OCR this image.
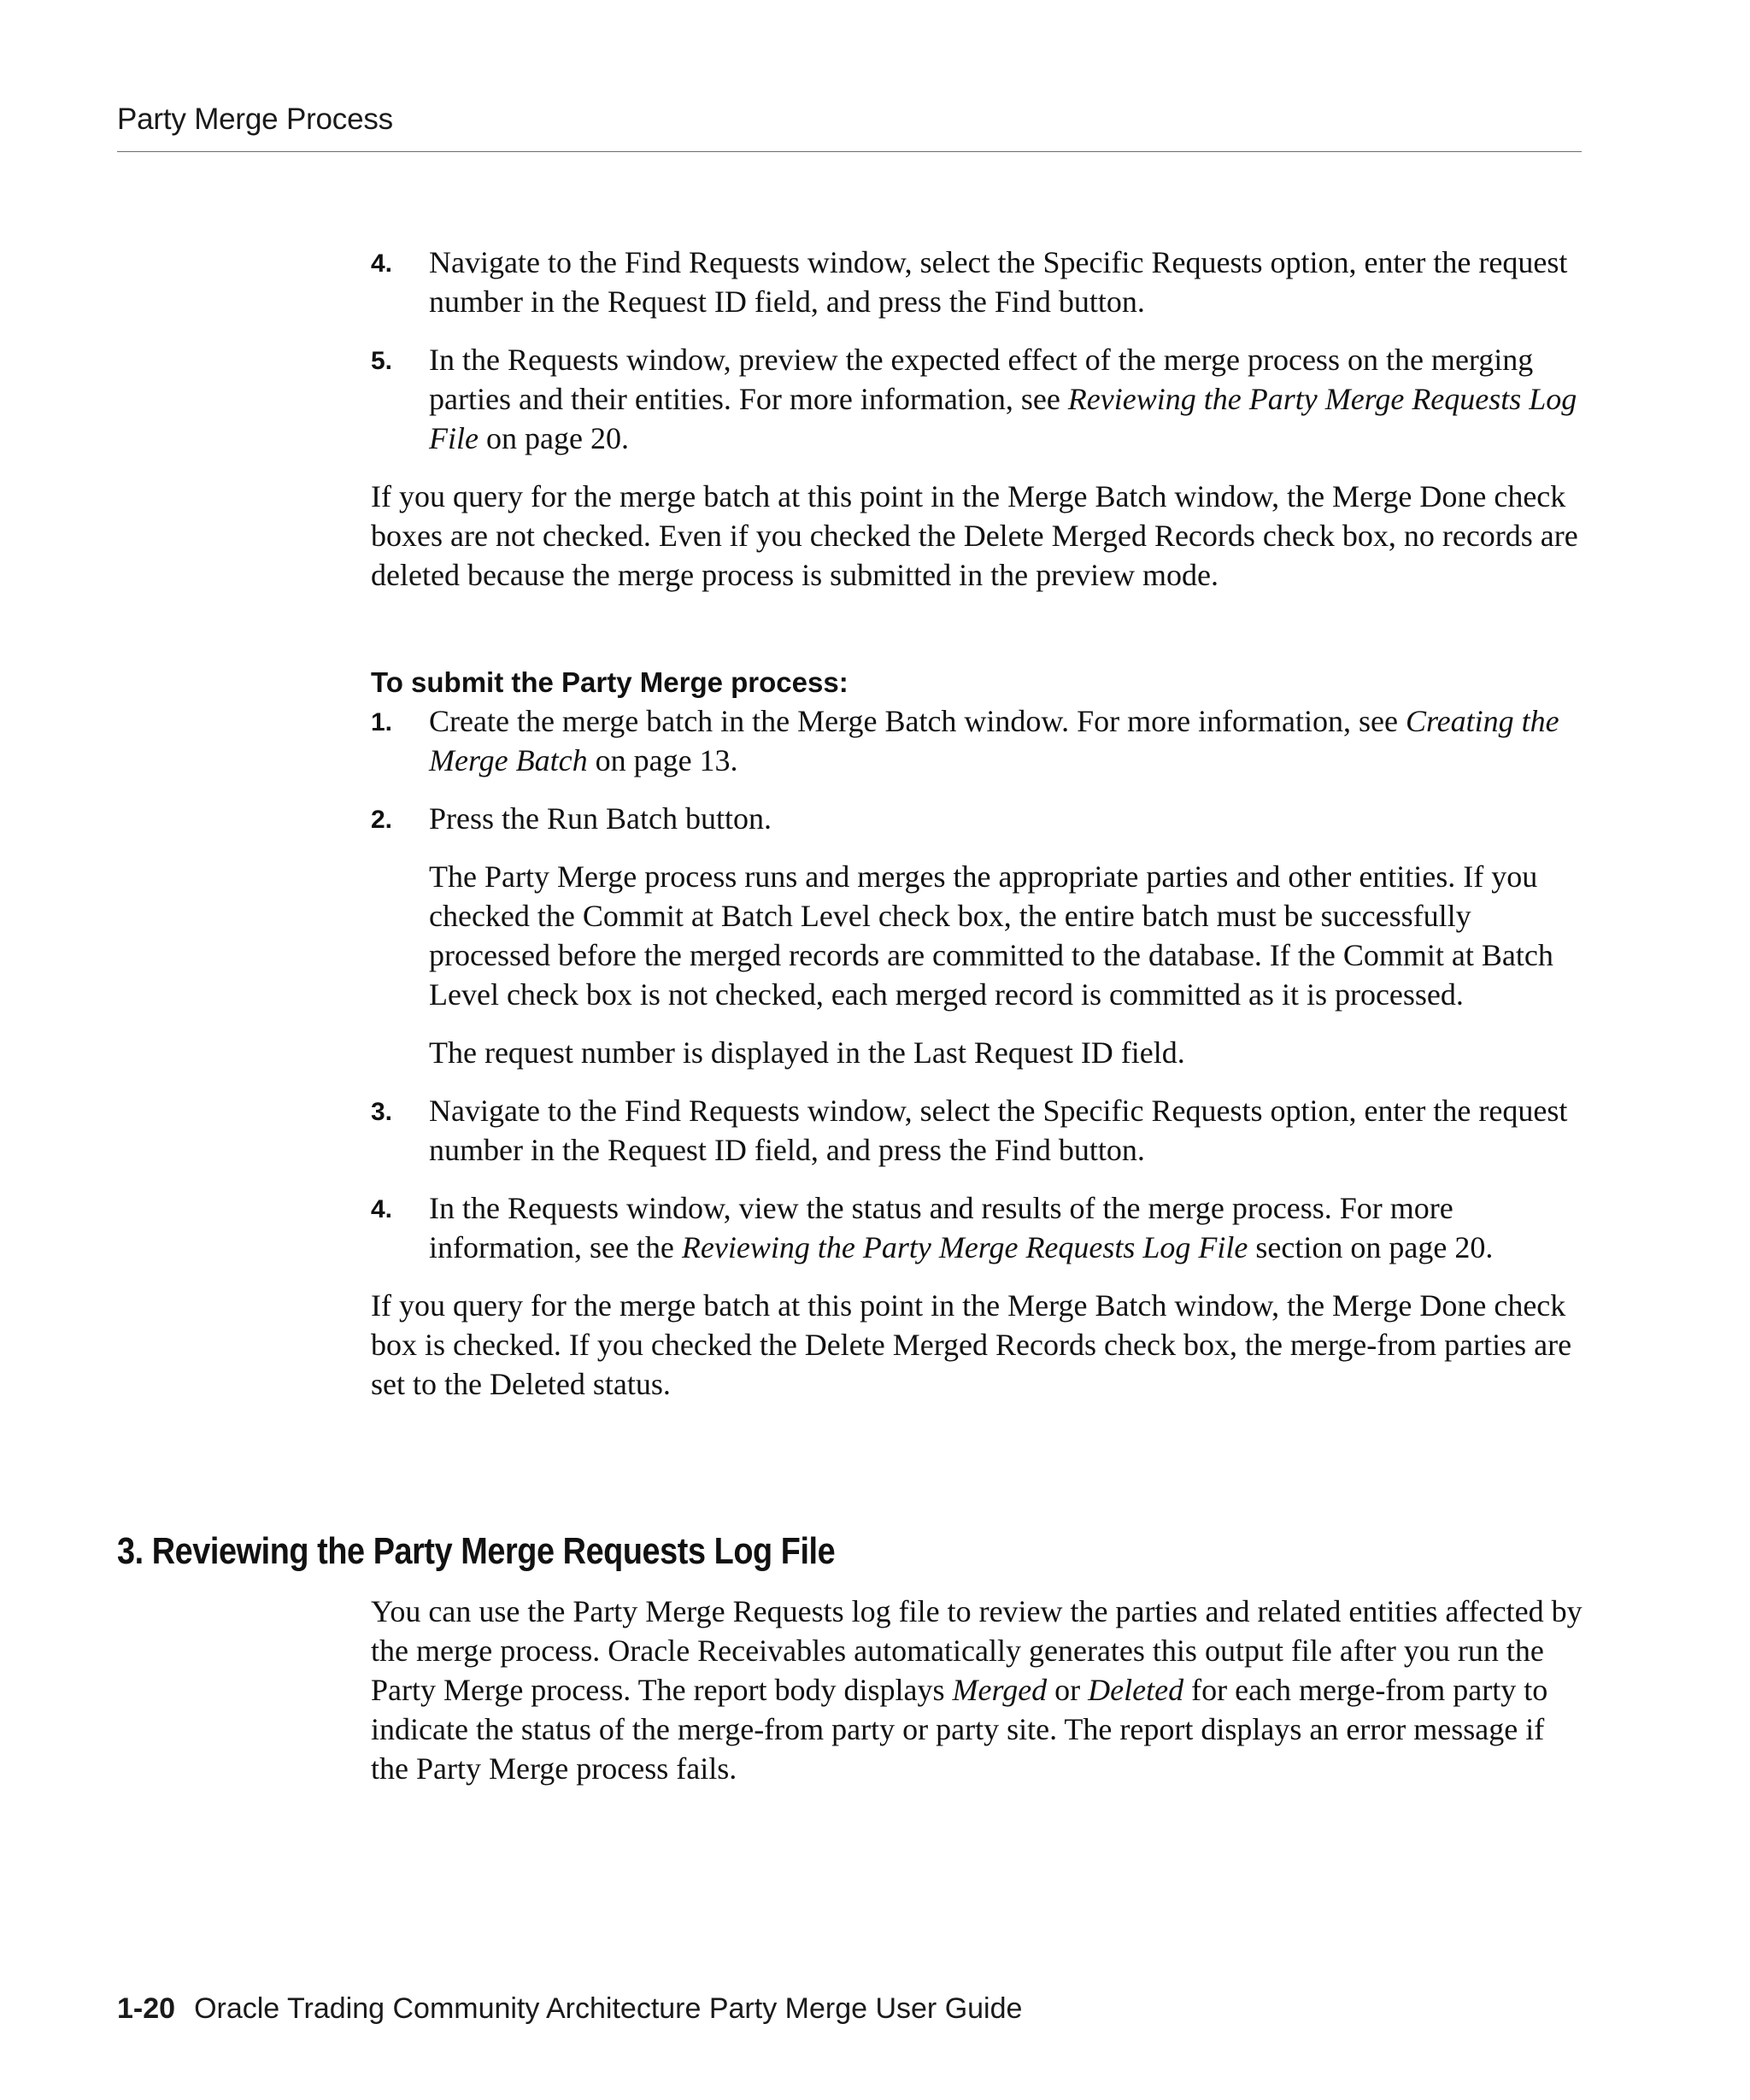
Party Merge Process
4.	Navigate to the Find Requests window, select the Specific Requests option, enter the request number in the Request ID field, and press the Find button.
5.	In the Requests window, preview the expected effect of the merge process on the merging parties and their entities. For more information, see Reviewing the Party Merge Requests Log File on page 20.

If you query for the merge batch at this point in the Merge Batch window, the Merge Done check boxes are not checked. Even if you checked the Delete Merged Records check box, no records are deleted because the merge process is submitted in the preview mode.

To submit the Party Merge process:
1.	Create the merge batch in the Merge Batch window. For more information, see Creating the Merge Batch on page 13.
2.	Press the Run Batch button.

The Party Merge process runs and merges the appropriate parties and other entities. If you checked the Commit at Batch Level check box, the entire batch must be successfully processed before the merged records are committed to the database. If the Commit at Batch Level check box is not checked, each merged record is committed as it is processed.

The request number is displayed in the Last Request ID field.

3.	Navigate to the Find Requests window, select the Specific Requests option, enter the request number in the Request ID field, and press the Find button.
4.	In the Requests window, view the status and results of the merge process. For more information, see the Reviewing the Party Merge Requests Log File section on page 20.

If you query for the merge batch at this point in the Merge Batch window, the Merge Done check box is checked. If you checked the Delete Merged Records check box, the merge-from parties are set to the Deleted status.

3. Reviewing the Party Merge Requests Log File

You can use the Party Merge Requests log file to review the parties and related entities affected by the merge process. Oracle Receivables automatically generates this output file after you run the Party Merge process. The report body displays Merged or Deleted for each merge-from party to indicate the status of the merge-from party or party site. The report displays an error message if the Party Merge process fails.

1-20 Oracle Trading Community Architecture Party Merge User Guide
